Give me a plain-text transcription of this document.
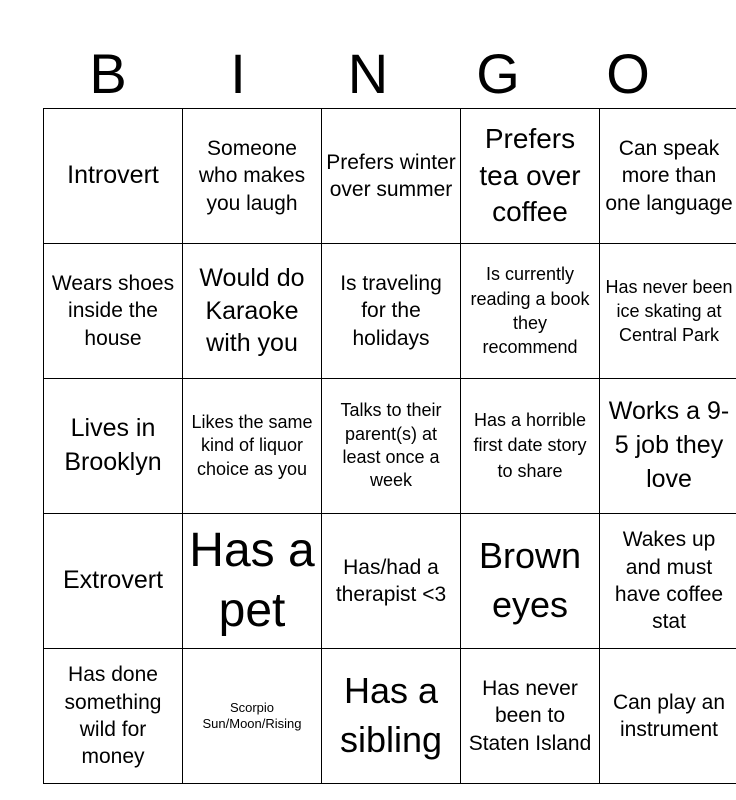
B	I	N	G	O
Introvert	Someone who makes you laugh	Prefers winter over summer	Prefers tea over coffee	Can speak more than one language

Wears shoes inside the house	Would do Karaoke with you	Is traveling for the holidays	Is currently reading a book they recommend	Has never been ice skating at Central Park

Lives in Brooklyn	Likes the same kind of liquor choice as you	Talks to their parent(s) at least once a week	Has a horrible first date story to share	Works a 9-5 job they love

Extrovert	Has a pet	Has/had a therapist <3	Brown eyes	Wakes up and must have coffee stat

Has done something wild for money	Scorpio Sun/Moon/Rising	Has a sibling	Has never been to Staten Island	Can play an instrument
